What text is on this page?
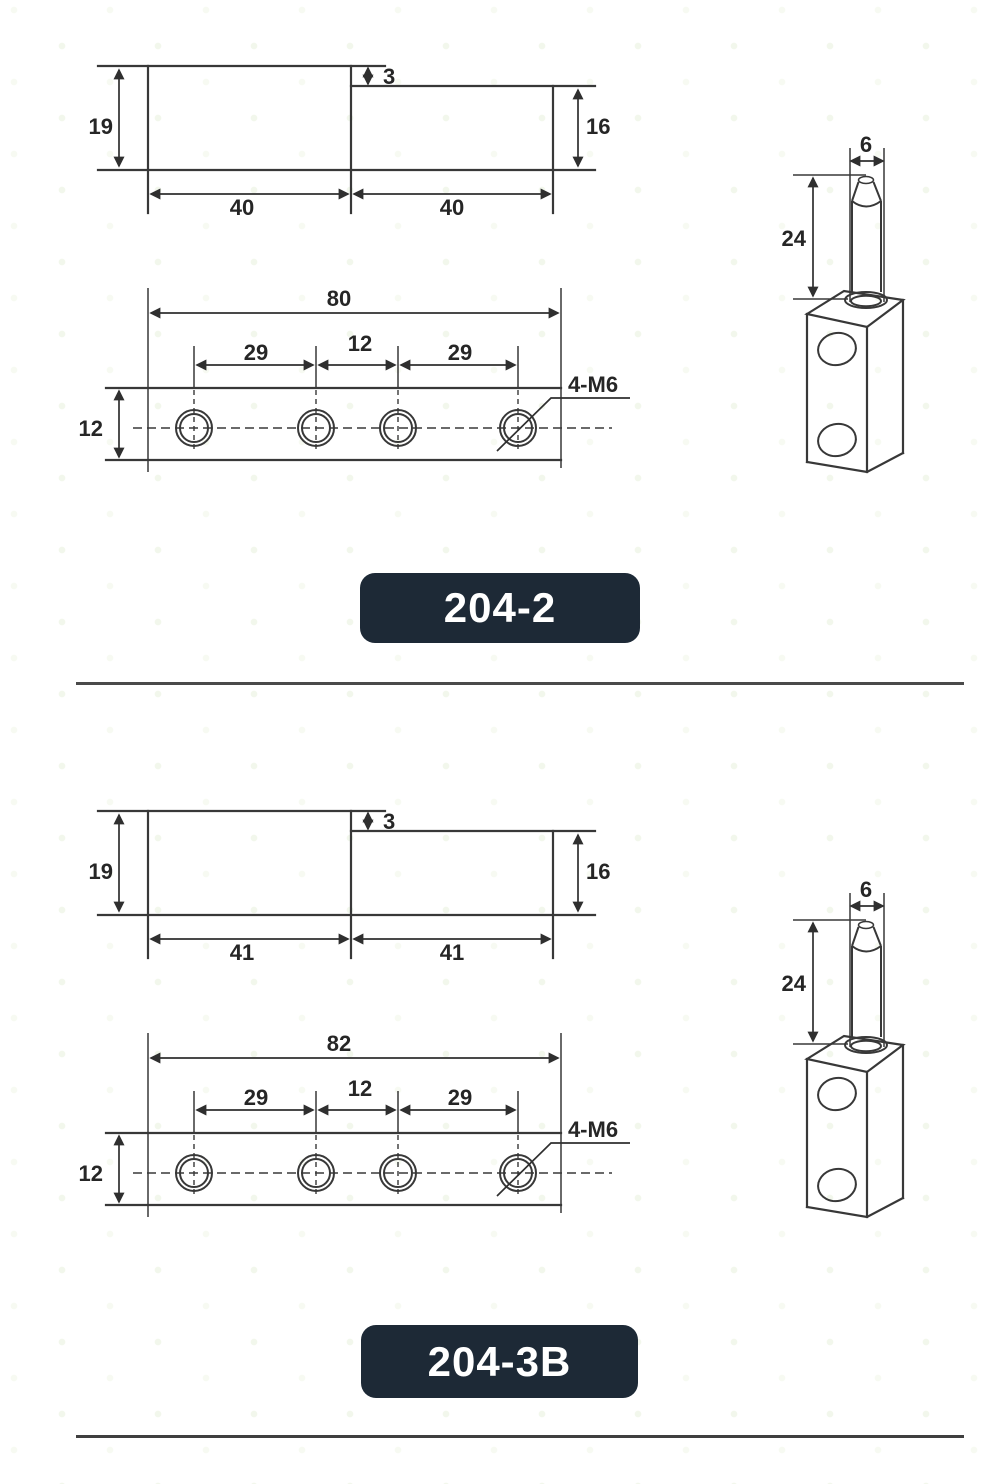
19
3
16
40	40
80
29	12	29
12
4-M6
6
24
19
3
16
41	41
82
29	12	29
12
4-M6
6
24
204-2
204-3B
